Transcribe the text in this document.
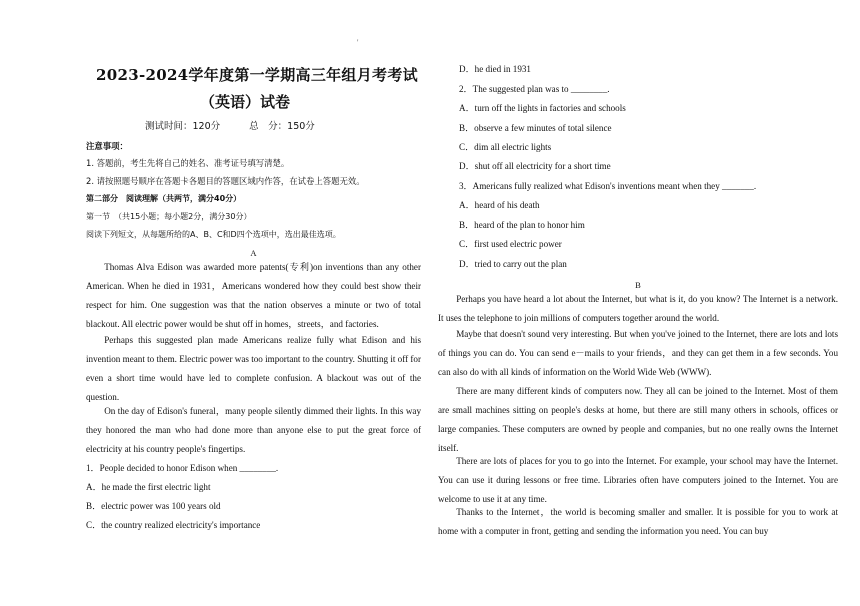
'
2023-2024学年度第一学期高三年组月考考试
（英语）试卷
测试时间：120分	总　分：150分
注意事项：
1. 答题前，考生先将自己的姓名、准考证号填写清楚。
2. 请按照题号顺序在答题卡各题目的答题区域内作答，在试卷上答题无效。
第二部分　阅读理解（共两节，满分40分）
第一节　（共15小题；每小题2分，满分30分）
阅读下列短文，从每题所给的A、B、C和D四个选项中，选出最佳选项。
A
Thomas Alva Edison was awarded more patents(专利)on inventions than any other American. When he died in 1931，Americans wondered how they could best show their respect for him. One suggestion was that the nation observes a minute or two of total blackout. All electric power would be shut off in homes，streets，and factories.
Perhaps this suggested plan made Americans realize fully what Edison and his invention meant to them. Electric power was too important to the country. Shutting it off for even a short time would have led to complete confusion. A blackout was out of the question.
On the day of Edison's funeral，many people silently dimmed their lights. In this way they honored the man who had done more than anyone else to put the great force of electricity at his country people's fingertips.
1．People decided to honor Edison when ________.
A．he made the first electric light
B．electric power was 100 years old
C．the country realized electricity's importance
D．he died in 1931
2．The suggested plan was to ________.
A．turn off the lights in factories and schools
B．observe a few minutes of total silence
C．dim all electric lights
D．shut off all electricity for a short time
3．Americans fully realized what Edison's inventions meant when they _______.
A．heard of his death
B．heard of the plan to honor him
C．first used electric power
D．tried to carry out the plan
B
Perhaps you have heard a lot about the Internet, but what is it, do you know? The Internet is a network. It uses the telephone to join millions of computers together around the world.
Maybe that doesn't sound very interesting. But when you've joined to the Internet, there are lots and lots of things you can do. You can send e－mails to your friends，and they can get them in a few seconds. You can also do with all kinds of information on the World Wide Web (WWW).
There are many different kinds of computers now. They all can be joined to the Internet. Most of them are small machines sitting on people's desks at home, but there are still many others in schools, offices or large companies. These computers are owned by people and companies, but no one really owns the Internet itself.
There are lots of places for you to go into the Internet. For example, your school may have the Internet. You can use it during lessons or free time. Libraries often have computers joined to the Internet. You are welcome to use it at any time.
Thanks to the Internet，the world is becoming smaller and smaller. It is possible for you to work at home with a computer in front, getting and sending the information you need. You can buy
